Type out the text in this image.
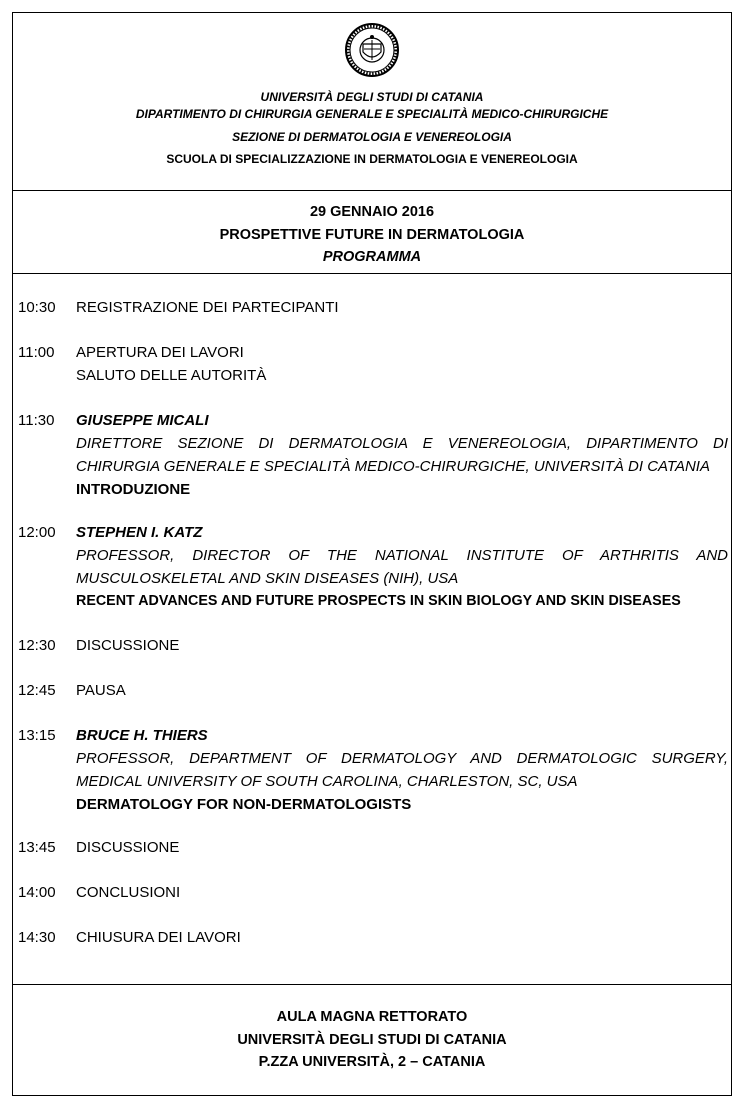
UNIVERSITÀ DEGLI STUDI DI CATANIA
DIPARTIMENTO DI CHIRURGIA GENERALE E SPECIALITÀ MEDICO-CHIRURGICHE
SEZIONE DI DERMATOLOGIA E VENEREOLOGIA
SCUOLA DI SPECIALIZZAZIONE IN DERMATOLOGIA E VENEREOLOGIA
29 GENNAIO 2016
PROSPETTIVE FUTURE IN DERMATOLOGIA
PROGRAMMA
10:30	REGISTRAZIONE DEI PARTECIPANTI
11:00	APERTURA DEI LAVORI
SALUTO DELLE AUTORITÀ
11:30	GIUSEPPE MICALI
DIRETTORE SEZIONE DI DERMATOLOGIA E VENEREOLOGIA, DIPARTIMENTO DI
CHIRURGIA GENERALE E SPECIALITÀ MEDICO-CHIRURGICHE, UNIVERSITÀ DI CATANIA
INTRODUZIONE
12:00	STEPHEN I. KATZ
PROFESSOR, DIRECTOR OF THE NATIONAL INSTITUTE OF ARTHRITIS AND
MUSCULOSKELETAL AND SKIN DISEASES (NIH), USA
RECENT ADVANCES AND FUTURE PROSPECTS IN SKIN BIOLOGY AND SKIN DISEASES
12:30	DISCUSSIONE
12:45	PAUSA
13:15	BRUCE H. THIERS
PROFESSOR, DEPARTMENT OF DERMATOLOGY AND DERMATOLOGIC SURGERY,
MEDICAL UNIVERSITY OF SOUTH CAROLINA, CHARLESTON, SC, USA
DERMATOLOGY FOR NON-DERMATOLOGISTS
13:45	DISCUSSIONE
14:00	CONCLUSIONI
14:30	CHIUSURA DEI LAVORI
AULA MAGNA RETTORATO
UNIVERSITÀ DEGLI STUDI DI CATANIA
P.ZZA UNIVERSITÀ, 2 – CATANIA
